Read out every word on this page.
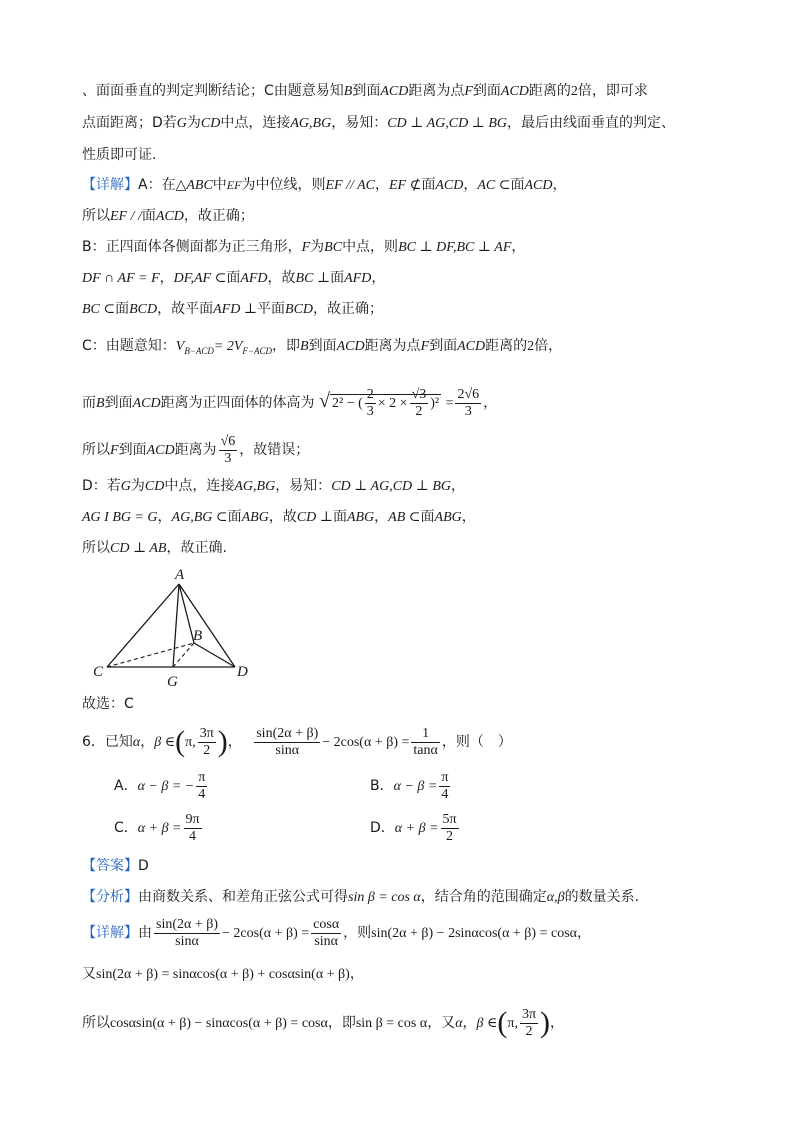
、面面垂直的判定判断结论；C由题意易知B到面ACD距离为点F到面ACD距离的2倍，即可求
点面距离；D若G为CD中点，连接AG,BG，易知：CD ⊥ AG,CD ⊥ BG，最后由线面垂直的判定、
性质即可证.
【详解】A：在△ABC中EF为中位线，则EF // AC，EF ⊄面ACD，AC ⊂面ACD，
所以EF / /面ACD，故正确；
B：正四面体各侧面都为正三角形，F为BC中点，则BC ⊥ DF,BC ⊥ AF，
DF ∩ AF = F，DF,AF ⊂面AFD，故BC ⊥面AFD，
BC ⊂面BCD，故平面AFD ⊥平面BCD，故正确；
C：由题意知：$V_{B-ACD}= 2V_{F-ACD}$，即B到面ACD距离为点F到面ACD距离的2倍，
而B到面ACD距离为正四面体的体高为 √ 2² − ( $\frac{2}{3} \times 2 \times \frac{√3}{2} )^2 = \frac{2√6}{3}$ ，
所以F到面ACD距离为 $\frac{√6}{3}$ ，故错误；
D：若G为CD中点，连接AG,BG，易知：CD ⊥ AG,CD ⊥ BG，
AG I BG = G，AG,BG ⊂面ABG，故CD ⊥面ABG，AB ⊂面ABG，
所以CD ⊥ AB，故正确.
A
B
C	D
G
故选：C
6．已知α，β ∈(π, $\frac{3\pi}{2}$ )， $\frac{\sin(2\alpha + \beta)}{\sin\alpha} - 2\cos(\alpha + \beta) = \frac{1}{\tan\alpha}$ ，则（　）
A．α − β = − $\frac{\pi}{4}$	B．$\alpha - \beta = \frac{\pi}{4}$
C．$\alpha + \beta = \frac{9\pi}{4}$	D．$\alpha + \beta = \frac{5\pi}{2}$
【答案】D
【分析】由商数关系、和差角正弦公式可得sin β = cos α，结合角的范围确定α,β的数量关系.
【详解】由 $\frac{\sin(2\alpha + \beta)}{\sin\alpha} - 2\cos(\alpha + \beta) = \frac{\cos\alpha}{\sin\alpha}$ ，则sin(2α + β) − 2sinαcos(α + β) = cosα，
又sin(2α + β) = sinαcos(α + β) + cosαsin(α + β)，
所以cosαsin(α + β) − sinαcos(α + β) = cosα，即sin β = cos α，又α，β ∈(π, $\frac{3\pi}{2}$ )，
